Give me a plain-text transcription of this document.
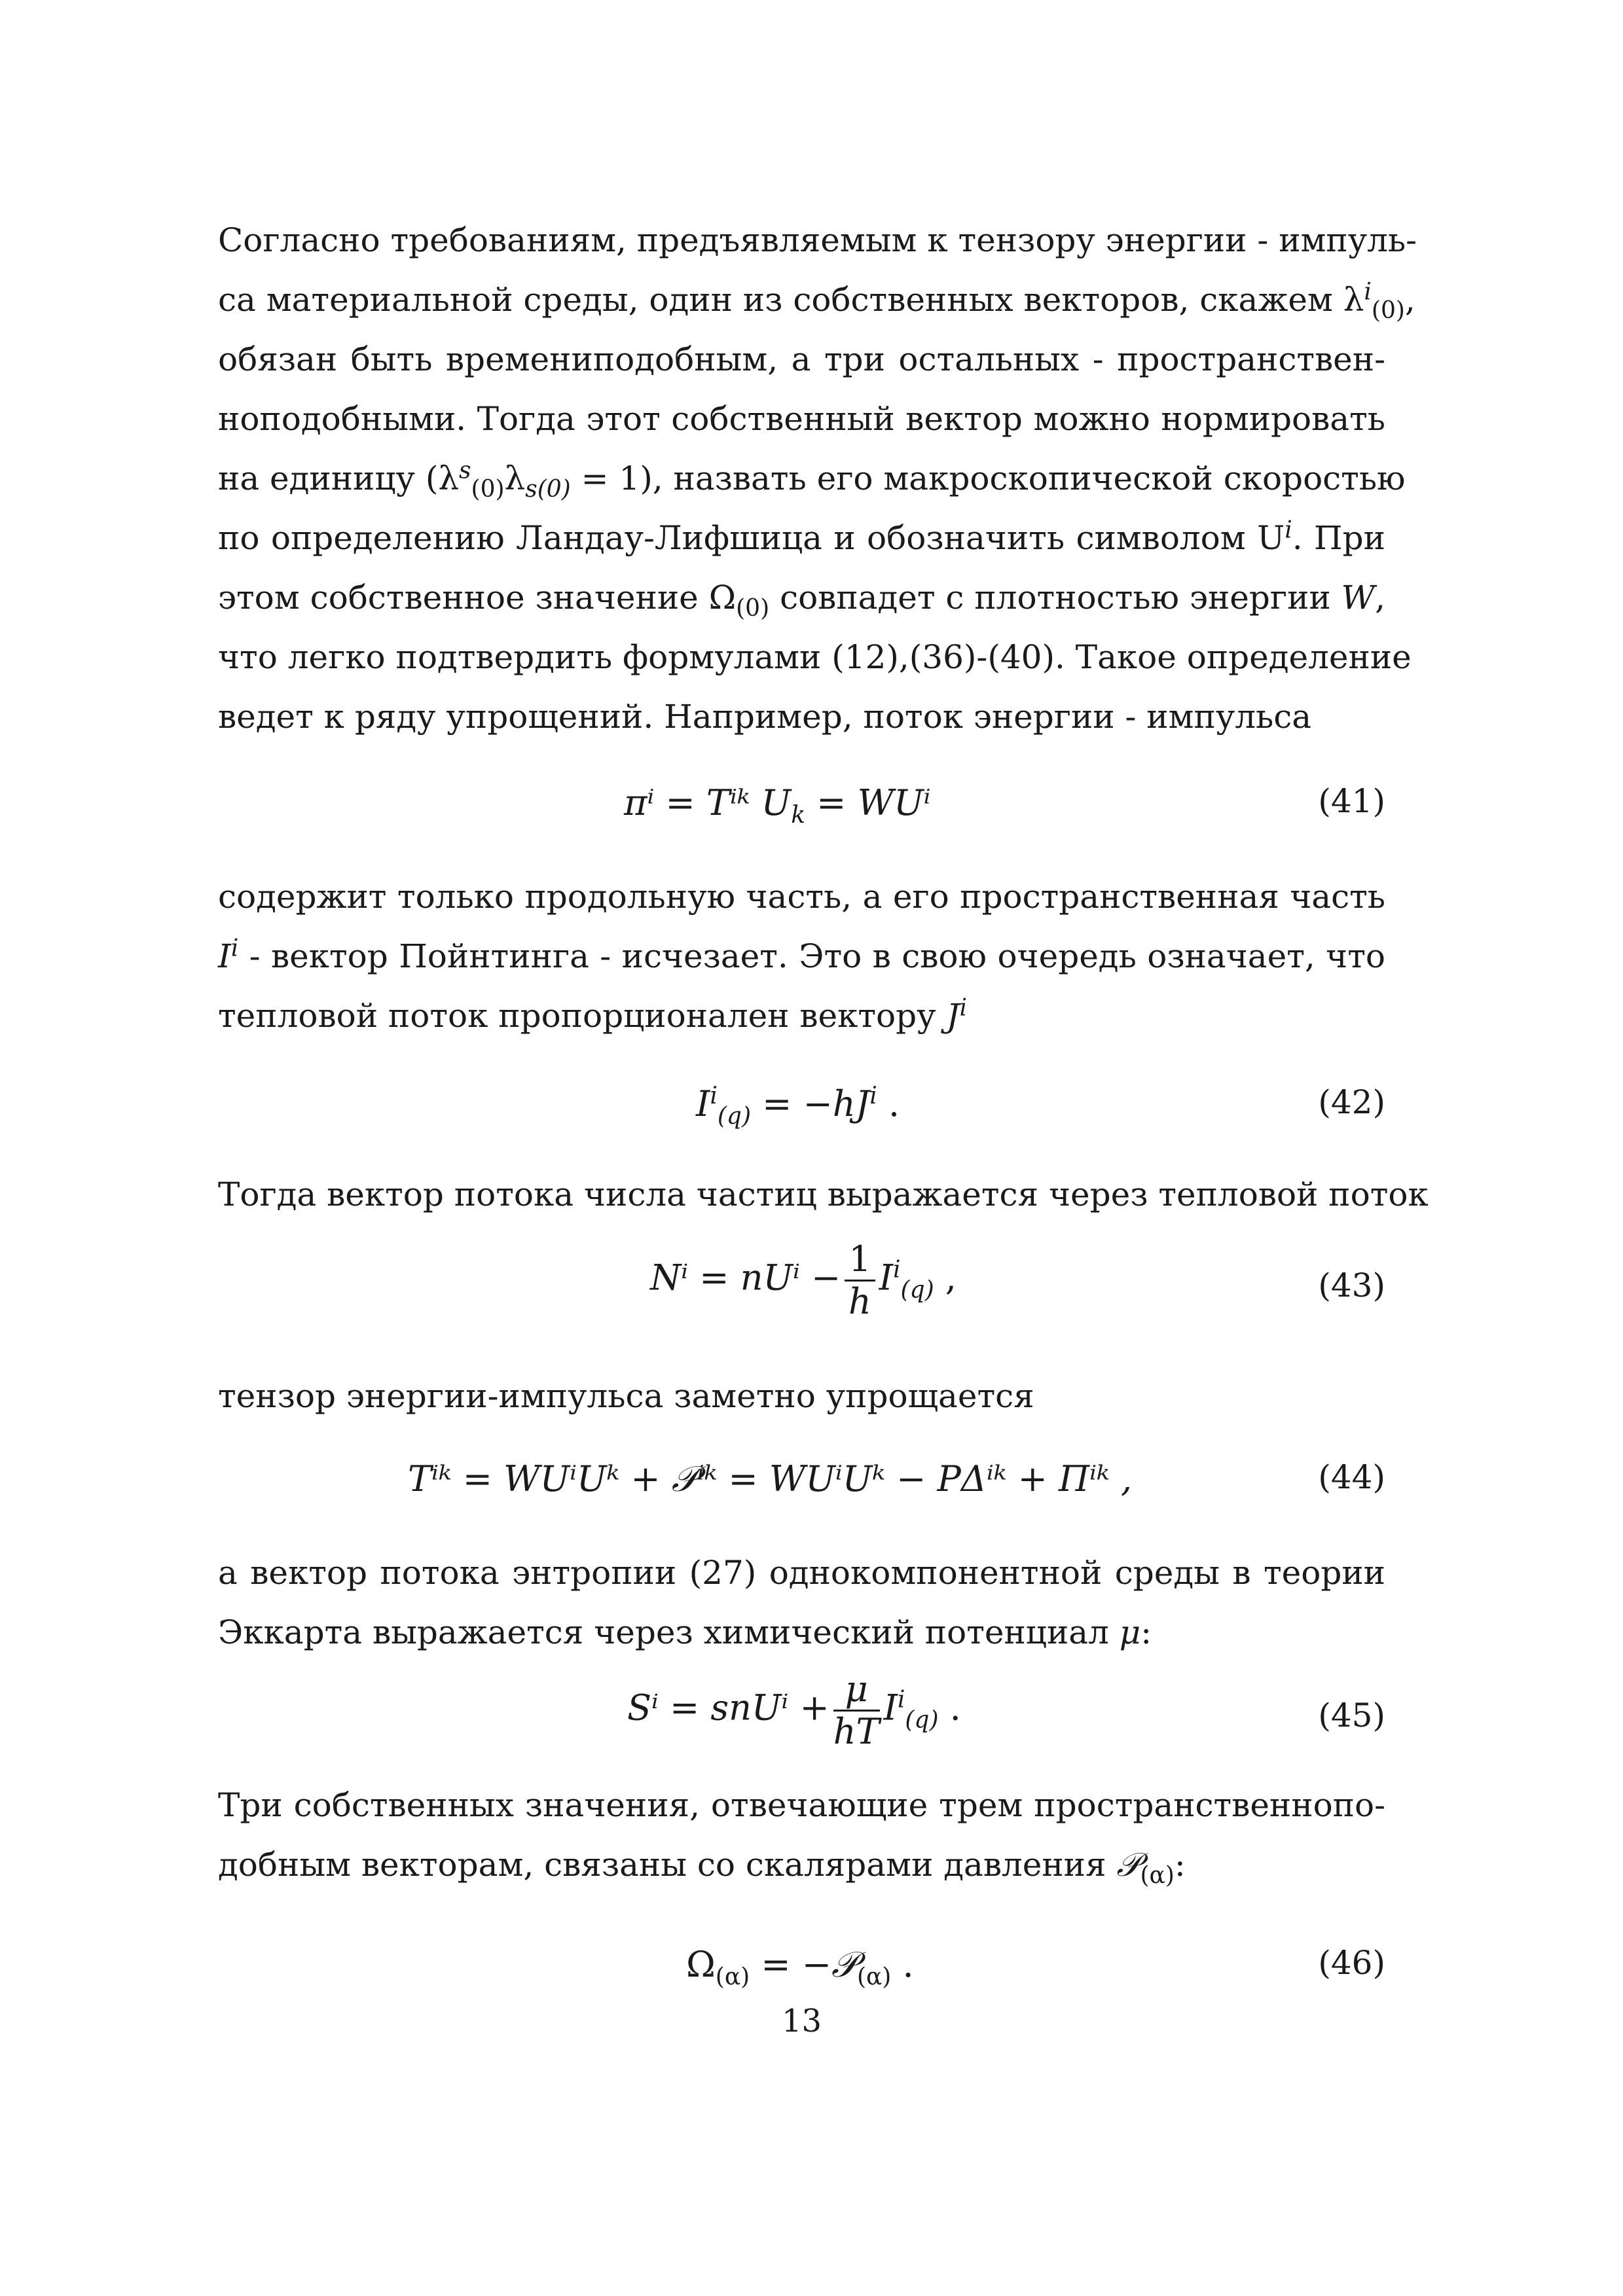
Согласно требованиям, предъявляемым к тензору энергии - импуль-
са материальной среды, один из собственных векторов, скажем $\lambda^i_{(0)}$,
обязан быть времениподобным, а три остальных - пространствен-
ноподобными. Тогда этот собственный вектор можно нормировать
на единицу $(\lambda^s_{(0)}\lambda_{s(0)} = 1)$, назвать его макроскопической скоростью
по определению Ландау-Лифшица и обозначить символом $U^i$. При
этом собственное значение $\Omega_{(0)}$ совпадет с плотностью энергии W,
что легко подтвердить формулами (12),(36)-(40). Такое определение
ведет к ряду упрощений. Например, поток энергии - импульса
πⁱ = Tⁱᵏ $U_k = WU^i$	(41)
содержит только продольную часть, а его пространственная часть
$I^i$ - вектор Пойнтинга - исчезает. Это в свою очередь означает, что
тепловой поток пропорционален вектору $J^i$
$I^i_{(q)} = -hJ^i$ .	(42)
Тогда вектор потока числа частиц выражается через тепловой поток
$N^i = nU^i - \frac{1}{h} I^i_{(q)}$ ,	(43)
тензор энергии-импульса заметно упрощается
Tⁱᵏ = WUⁱUᵏ + 𝒫ⁱᵏ = WUⁱUᵏ − PΔⁱᵏ + Πⁱᵏ ,	(44)
а вектор потока энтропии (27) однокомпонентной среды в теории
Эккарта выражается через химический потенциал μ:
$S^i = snU^i + \frac{\mu}{hT} I^i_{(q)}$ .	(45)
Три собственных значения, отвечающие трем пространственнопо-
добным векторам, связаны со скалярами давления 𝒫$_{(\alpha)}$:
$\Omega_{(\alpha)}$ = −𝒫$_{(\alpha)}$ .	(46)
13
